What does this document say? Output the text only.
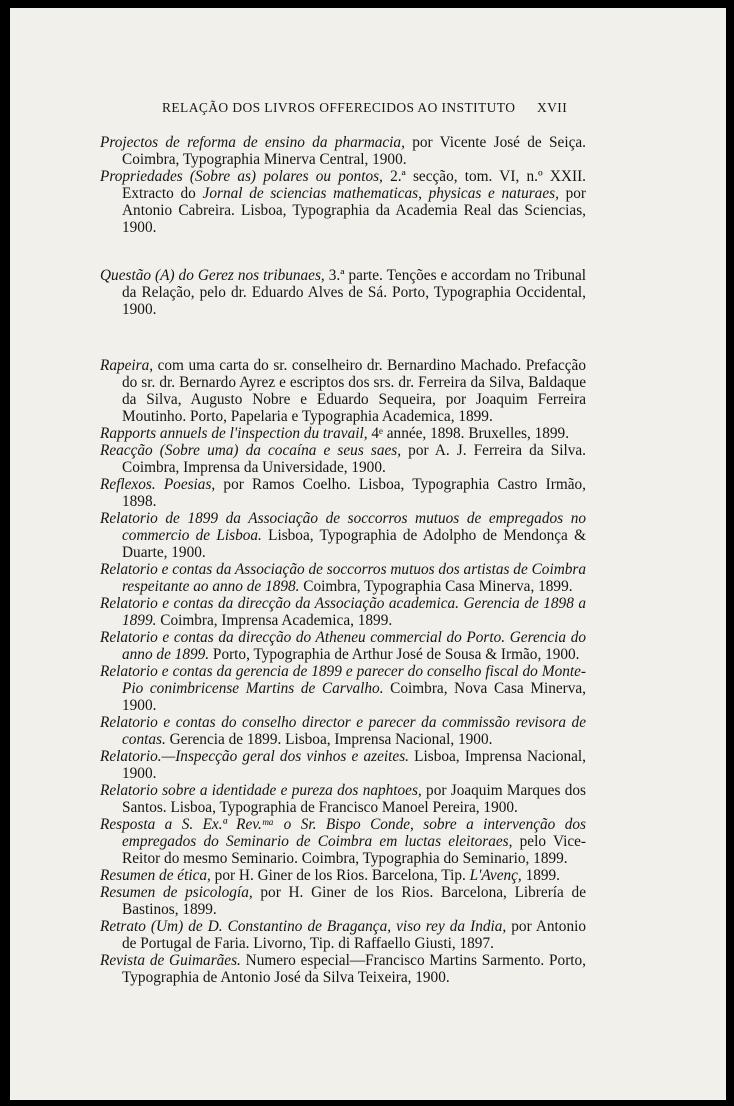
RELAÇÃO DOS LIVROS OFFERECIDOS AO INSTITUTO XVII

Projectos de reforma de ensino da pharmacia, por Vicente José de Seiça. Coimbra, Typographia Minerva Central, 1900.

Propriedades (Sobre as) polares ou pontos, 2.ª secção, tom. VI, n.º XXII. Extracto do Jornal de sciencias mathematicas, physicas e naturaes, por Antonio Cabreira. Lisboa, Typographia da Academia Real das Sciencias, 1900.

Questão (A) do Gerez nos tribunaes, 3.ª parte. Tenções e accordam no Tribunal da Relação, pelo dr. Eduardo Alves de Sá. Porto, Typographia Occidental, 1900.

Rapeira, com uma carta do sr. conselheiro dr. Bernardino Machado. Prefacção do sr. dr. Bernardo Ayrez e escriptos dos srs. dr. Ferreira da Silva, Baldaque da Silva, Augusto Nobre e Eduardo Sequeira, por Joaquim Ferreira Moutinho. Porto, Papelaria e Typographia Academica, 1899.

Rapports annuels de l'inspection du travail, 4ᵉ année, 1898. Bruxelles, 1899.

Reacção (Sobre uma) da cocaína e seus saes, por A. J. Ferreira da Silva. Coimbra, Imprensa da Universidade, 1900.

Reflexos. Poesias, por Ramos Coelho. Lisboa, Typographia Castro Irmão, 1898.

Relatorio de 1899 da Associação de soccorros mutuos de empregados no commercio de Lisboa. Lisboa, Typographia de Adolpho de Mendonça & Duarte, 1900.

Relatorio e contas da Associação de soccorros mutuos dos artistas de Coimbra respeitante ao anno de 1898. Coimbra, Typographia Casa Minerva, 1899.

Relatorio e contas da direcção da Associação academica. Gerencia de 1898 a 1899. Coimbra, Imprensa Academica, 1899.

Relatorio e contas da direcção do Atheneu commercial do Porto. Gerencia do anno de 1899. Porto, Typographia de Arthur José de Sousa & Irmão, 1900.

Relatorio e contas da gerencia de 1899 e parecer do conselho fiscal do Monte-Pio conimbricense Martins de Carvalho. Coimbra, Nova Casa Minerva, 1900.

Relatorio e contas do conselho director e parecer da commissão revisora de contas. Gerencia de 1899. Lisboa, Imprensa Nacional, 1900.

Relatorio.—Inspecção geral dos vinhos e azeites. Lisboa, Imprensa Nacional, 1900.

Relatorio sobre a identidade e pureza dos naphtoes, por Joaquim Marques dos Santos. Lisboa, Typographia de Francisco Manoel Pereira, 1900.

Resposta a S. Ex.ª Rev.ᵐᵃ o Sr. Bispo Conde, sobre a intervenção dos empregados do Seminario de Coimbra em luctas eleitoraes, pelo Vice-Reitor do mesmo Seminario. Coimbra, Typographia do Seminario, 1899.

Resumen de ética, por H. Giner de los Rios. Barcelona, Tip. L'Avenç, 1899.

Resumen de psicología, por H. Giner de los Rios. Barcelona, Librería de Bastinos, 1899.

Retrato (Um) de D. Constantino de Bragança, viso rey da India, por Antonio de Portugal de Faria. Livorno, Tip. di Raffaello Giusti, 1897.

Revista de Guimarães. Numero especial—Francisco Martins Sarmento. Porto, Typographia de Antonio José da Silva Teixeira, 1900.
